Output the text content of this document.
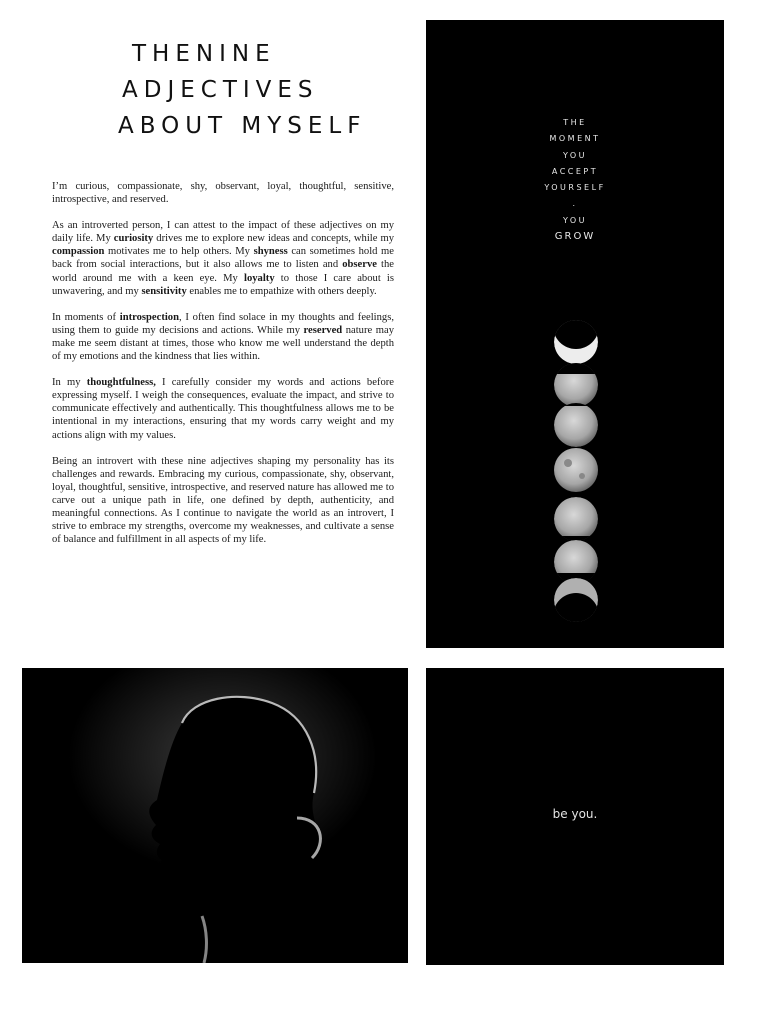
THENINE
ADJECTIVES
ABOUT MYSELF

I’m curious, compassionate, shy, observant, loyal, thoughtful, sensitive, introspective, and reserved.

As an introverted person, I can attest to the impact of these adjectives on my daily life. My curiosity drives me to explore new ideas and concepts, while my compassion motivates me to help others. My shyness can sometimes hold me back from social interactions, but it also allows me to listen and observe the world around me with a keen eye. My loyalty to those I care about is unwavering, and my sensitivity enables me to empathize with others deeply.

In moments of introspection, I often find solace in my thoughts and feelings, using them to guide my decisions and actions. While my reserved nature may make me seem distant at times, those who know me well understand the depth of my emotions and the kindness that lies within.

In my thoughtfulness, I carefully consider my words and actions before expressing myself. I weigh the consequences, evaluate the impact, and strive to communicate effectively and authentically. This thoughtfulness allows me to be intentional in my interactions, ensuring that my words carry weight and my actions align with my values.

Being an introvert with these nine adjectives shaping my personality has its challenges and rewards. Embracing my curious, compassionate, shy, observant, loyal, thoughtful, sensitive, introspective, and reserved nature has allowed me to carve out a unique path in life, one defined by depth, authenticity, and meaningful connections. As I continue to navigate the world as an introvert, I strive to embrace my strengths, overcome my weaknesses, and cultivate a sense of balance and fulfillment in all aspects of my life.

THE
MOMENT
YOU
ACCEPT
YOURSELF
.
YOU
GROW
be you.
